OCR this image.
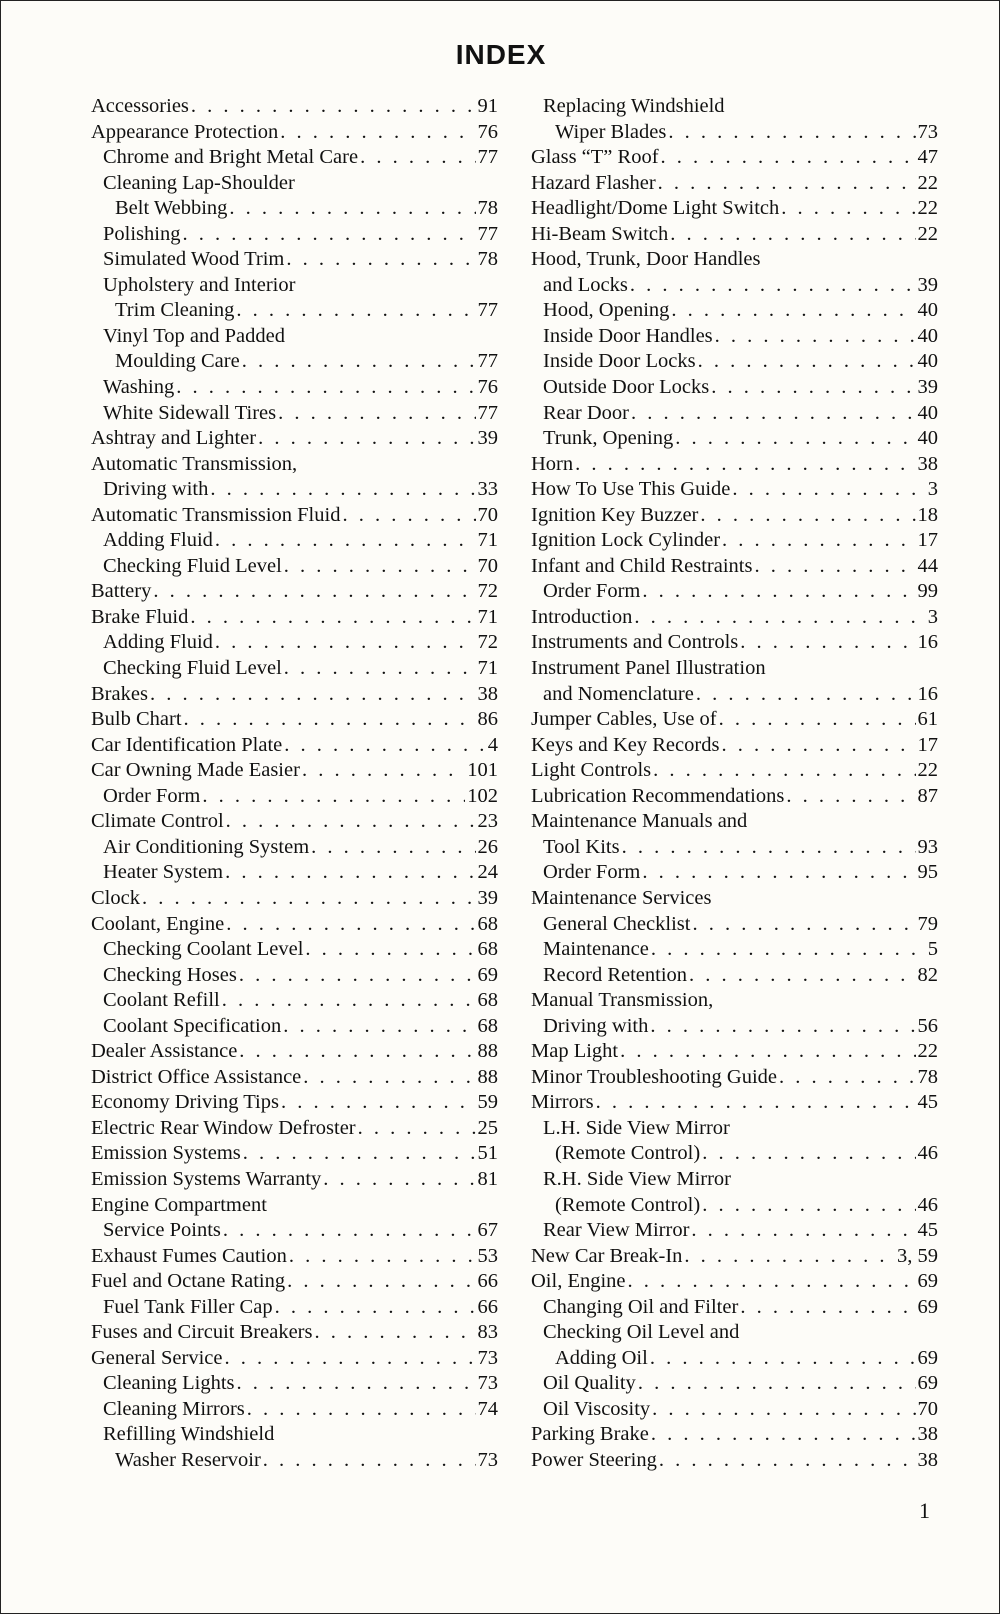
INDEX
Accessories . . .	91
Appearance Protection . . .	76
Chrome and Bright Metal Care . . .	77
Cleaning Lap-Shoulder
Belt Webbing . . .	78
Polishing . . .	77
Simulated Wood Trim . . .	78
Upholstery and Interior
Trim Cleaning . . .	77
Vinyl Top and Padded
Moulding Care . . .	77
Washing . . .	76
White Sidewall Tires . . .	77
Ashtray and Lighter . . .	39
Automatic Transmission,
Driving with . . .	33
Automatic Transmission Fluid . . .	70
Adding Fluid . . .	71
Checking Fluid Level . . .	70
Battery . . .	72
Brake Fluid . . .	71
Adding Fluid . . .	72
Checking Fluid Level . . .	71
Brakes . . .	38
Bulb Chart . . .	86
Car Identification Plate . . .	4
Car Owning Made Easier . . .	101
Order Form . . .	102
Climate Control . . .	23
Air Conditioning System . . .	26
Heater System . . .	24
Clock . . .	39
Coolant, Engine . . .	68
Checking Coolant Level . . .	68
Checking Hoses . . .	69
Coolant Refill . . .	68
Coolant Specification . . .	68
Dealer Assistance . . .	88
District Office Assistance . . .	88
Economy Driving Tips . . .	59
Electric Rear Window Defroster . . .	25
Emission Systems . . .	51
Emission Systems Warranty . . .	81
Engine Compartment
Service Points . . .	67
Exhaust Fumes Caution . . .	53
Fuel and Octane Rating . . .	66
Fuel Tank Filler Cap . . .	66
Fuses and Circuit Breakers . . .	83
General Service . . .	73
Cleaning Lights . . .	73
Cleaning Mirrors . . .	74
Refilling Windshield
Washer Reservoir . . .	73
Replacing Windshield
Wiper Blades . . .	73
Glass “T” Roof . . .	47
Hazard Flasher . . .	22
Headlight/Dome Light Switch . . .	22
Hi-Beam Switch . . .	22
Hood, Trunk, Door Handles
and Locks . . .	39
Hood, Opening . . .	40
Inside Door Handles . . .	40
Inside Door Locks . . .	40
Outside Door Locks . . .	39
Rear Door . . .	40
Trunk, Opening . . .	40
Horn . . .	38
How To Use This Guide . . .	3
Ignition Key Buzzer . . .	18
Ignition Lock Cylinder . . .	17
Infant and Child Restraints . . .	44
Order Form . . .	99
Introduction . . .	3
Instruments and Controls . . .	16
Instrument Panel Illustration
and Nomenclature . . .	16
Jumper Cables, Use of . . .	61
Keys and Key Records . . .	17
Light Controls . . .	22
Lubrication Recommendations . . .	87
Maintenance Manuals and
Tool Kits . . .	93
Order Form . . .	95
Maintenance Services
General Checklist . . .	79
Maintenance . . .	5
Record Retention . . .	82
Manual Transmission,
Driving with . . .	56
Map Light . . .	22
Minor Troubleshooting Guide . . .	78
Mirrors . . .	45
L.H. Side View Mirror
(Remote Control) . . .	46
R.H. Side View Mirror
(Remote Control) . . .	46
Rear View Mirror . . .	45
New Car Break-In . . .	3, 59
Oil, Engine . . .	69
Changing Oil and Filter . . .	69
Checking Oil Level and
Adding Oil . . .	69
Oil Quality . . .	69
Oil Viscosity . . .	70
Parking Brake . . .	38
Power Steering . . .	38
1
